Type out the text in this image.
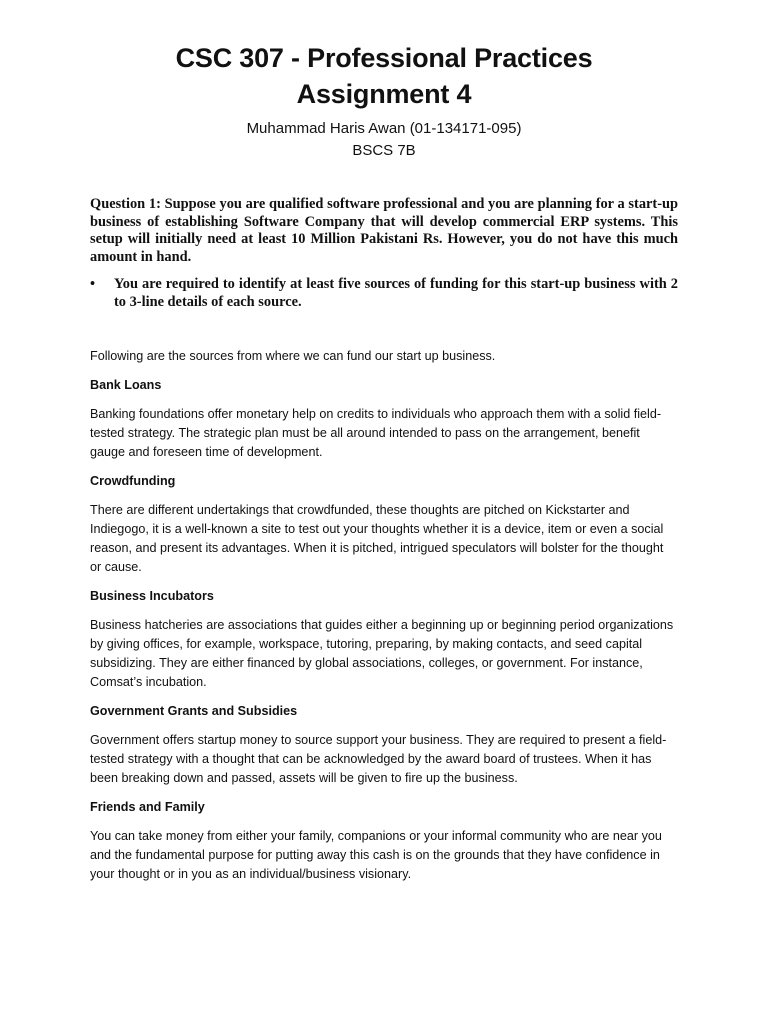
CSC 307 - Professional Practices
Assignment 4
Muhammad Haris Awan (01-134171-095)
BSCS 7B
Question 1: Suppose you are qualified software professional and you are planning for a start-up business of establishing Software Company that will develop commercial ERP systems. This setup will initially need at least 10 Million Pakistani Rs. However, you do not have this much amount in hand.
• You are required to identify at least five sources of funding for this start-up business with 2 to 3-line details of each source.

Following are the sources from where we can fund our start up business.

Bank Loans

Banking foundations offer monetary help on credits to individuals who approach them with a solid field-tested strategy. The strategic plan must be all around intended to pass on the arrangement, benefit gauge and foreseen time of development.

Crowdfunding

There are different undertakings that crowdfunded, these thoughts are pitched on Kickstarter and Indiegogo, it is a well-known a site to test out your thoughts whether it is a device, item or even a social reason, and present its advantages. When it is pitched, intrigued speculators will bolster for the thought or cause.

Business Incubators

Business hatcheries are associations that guides either a beginning up or beginning period organizations by giving offices, for example, workspace, tutoring, preparing, by making contacts, and seed capital subsidizing. They are either financed by global associations, colleges, or government. For instance, Comsat’s incubation.

Government Grants and Subsidies

Government offers startup money to source support your business. They are required to present a field-tested strategy with a thought that can be acknowledged by the award board of trustees. When it has been breaking down and passed, assets will be given to fire up the business.

Friends and Family

You can take money from either your family, companions or your informal community who are near you and the fundamental purpose for putting away this cash is on the grounds that they have confidence in your thought or in you as an individual/business visionary.
